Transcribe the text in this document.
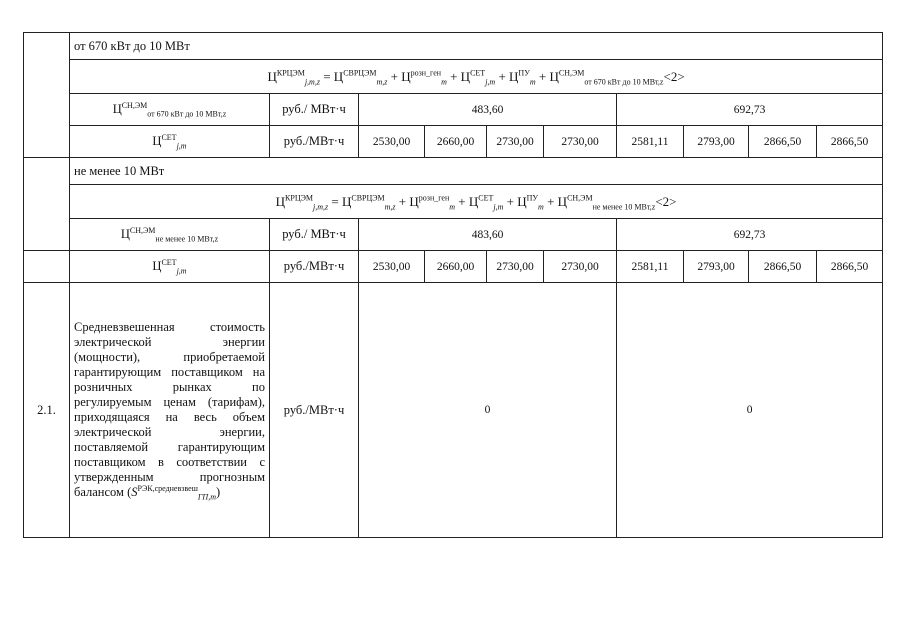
	от 670 кВт до 10 МВт									
	$Ц^{КРЦЭМ}_{j,m,z} = Ц^{СВРЦЭМ}_{m,z} + Ц^{розн\_ген}_m + Ц^{СЕТ}_{j,m} + Ц^{ПУ}_m + Ц^{СН,ЭМ}_{от 670 кВт до 10 МВт,z}<2>$									
	$Ц^{СН,ЭМ}_{от 670 кВт до 10 МВт,z}$	руб./ МВт·ч	483,60				692,73			
	$Ц^{СЕТ}_{j,m}$	руб./МВт·ч	2530,00	2660,00	2730,00	2730,00	2581,11	2793,00	2866,50	2866,50
	не менее 10 МВт									
	$Ц^{КРЦЭМ}_{j,m,z} = Ц^{СВРЦЭМ}_{m,z} + Ц^{розн\_ген}_m + Ц^{СЕТ}_{j,m} + Ц^{ПУ}_m + Ц^{СН,ЭМ}_{не менее 10 МВт,z}<2>$									
	$Ц^{СН,ЭМ}_{не менее 10 МВт,z}$	руб./ МВт·ч	483,60				692,73			
	$Ц^{СЕТ}_{j,m}$	руб./МВт·ч	2530,00	2660,00	2730,00	2730,00	2581,11	2793,00	2866,50	2866,50
2.1.	Средневзвешенная стоимость электрической энергии (мощности), приобретаемой гарантирующим поставщиком на розничных рынках по регулируемым ценам (тарифам), приходящаяся на весь объем электрической энергии, поставляемой гарантирующим поставщиком в соответствии с утвержденным прогнозным балансом $(S^{РЭК,средневзвеш}_{ГП,m})$	руб./МВт·ч	0				0			
